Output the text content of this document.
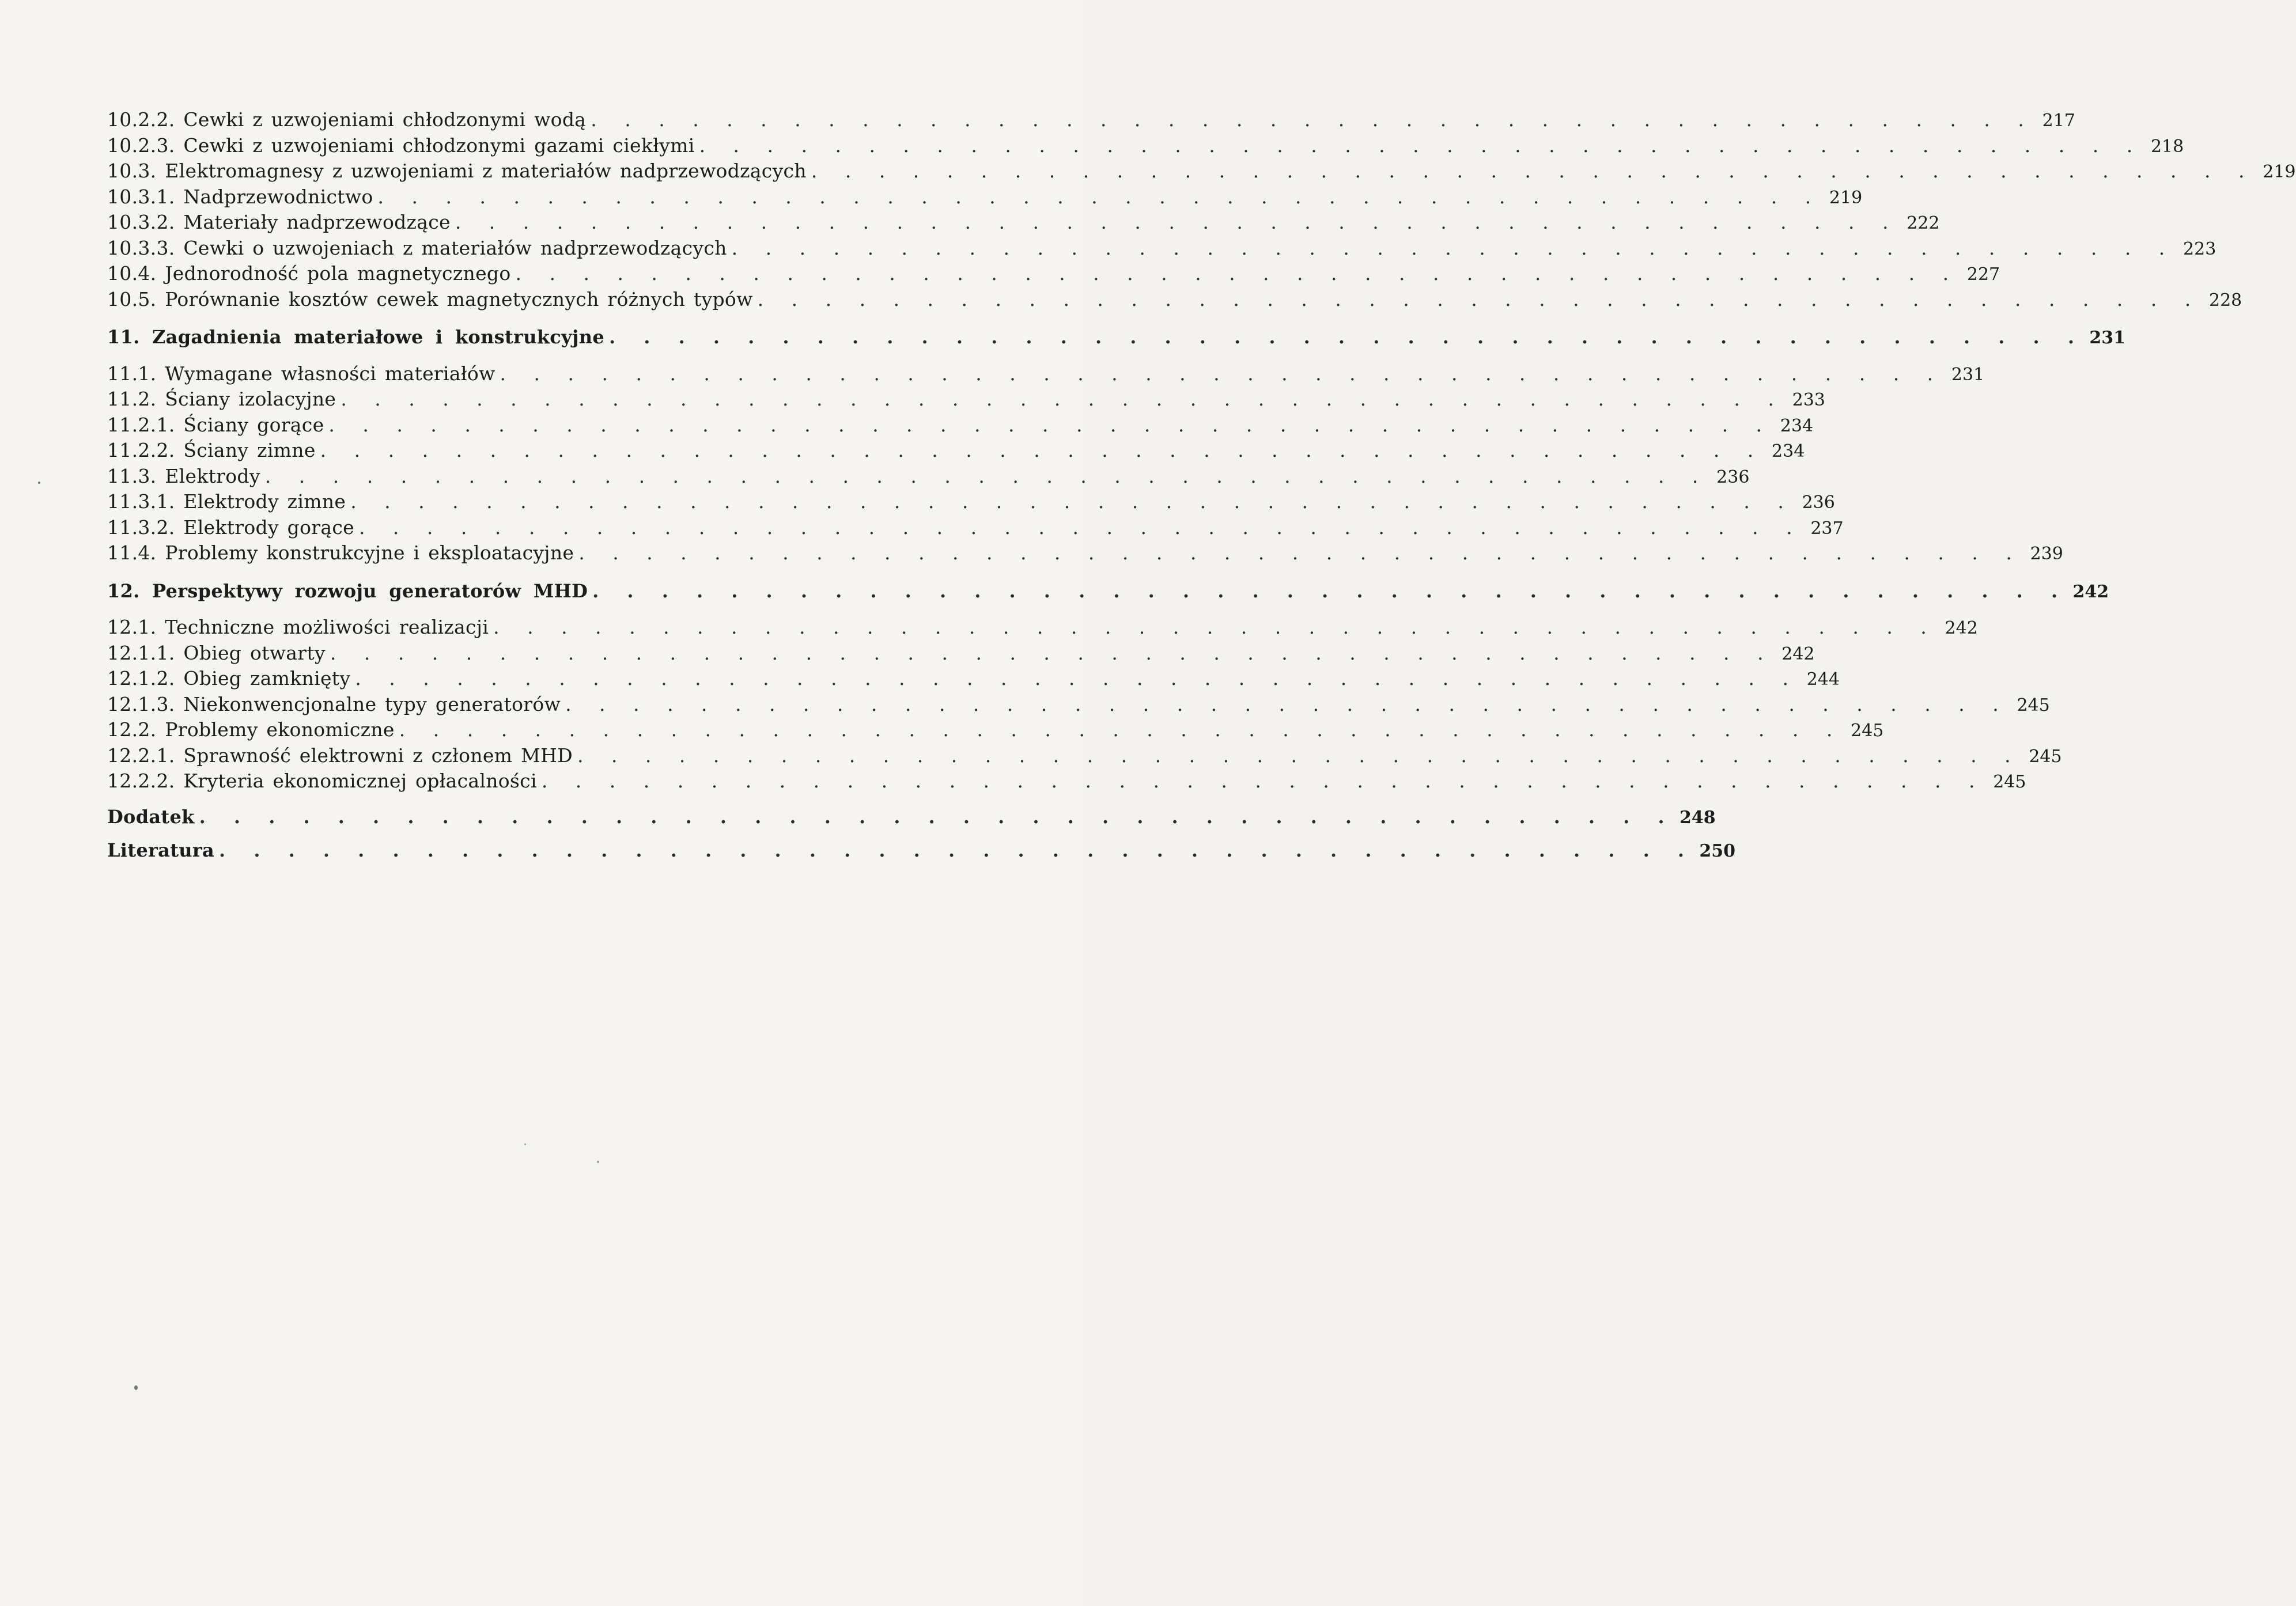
10.2.2. Cewki z uzwojeniami chłodzonymi wodą . . . . . . . . . . . . . . . . . . . . . . . . . . . . . . . . . . . . . . . . . . . 217
10.2.3. Cewki z uzwojeniami chłodzonymi gazami ciekłymi . . . . . . . . . . . . . . . . . . . . . . . . . . . . . . . . . . . . . . . . . . . 218
10.3. Elektromagnesy z uzwojeniami z materiałów nadprzewodzących . . . . . . . . . . . . . . . . . . . . . . . . . . . . . . . . . . . . . . . . . . . 219
10.3.1. Nadprzewodnictwo . . . . . . . . . . . . . . . . . . . . . . . . . . . . . . . . . . . . . . . . . . . 219
10.3.2. Materiały nadprzewodzące . . . . . . . . . . . . . . . . . . . . . . . . . . . . . . . . . . . . . . . . . . . 222
10.3.3. Cewki o uzwojeniach z materiałów nadprzewodzących . . . . . . . . . . . . . . . . . . . . . . . . . . . . . . . . . . . . . . . . . . . 223
10.4. Jednorodność pola magnetycznego . . . . . . . . . . . . . . . . . . . . . . . . . . . . . . . . . . . . . . . . . . . 227
10.5. Porównanie kosztów cewek magnetycznych różnych typów . . . . . . . . . . . . . . . . . . . . . . . . . . . . . . . . . . . . . . . . . . . 228
11. Zagadnienia materiałowe i konstrukcyjne . . . . . . . . . . . . . . . . . . . . . . . . . . . . . . . . . . . . . . . . . . . 231
11.1. Wymagane własności materiałów . . . . . . . . . . . . . . . . . . . . . . . . . . . . . . . . . . . . . . . . . . . 231
11.2. Ściany izolacyjne . . . . . . . . . . . . . . . . . . . . . . . . . . . . . . . . . . . . . . . . . . . 233
11.2.1. Ściany gorące . . . . . . . . . . . . . . . . . . . . . . . . . . . . . . . . . . . . . . . . . . . 234
11.2.2. Ściany zimne . . . . . . . . . . . . . . . . . . . . . . . . . . . . . . . . . . . . . . . . . . . 234
11.3. Elektrody . . . . . . . . . . . . . . . . . . . . . . . . . . . . . . . . . . . . . . . . . . . 236
11.3.1. Elektrody zimne . . . . . . . . . . . . . . . . . . . . . . . . . . . . . . . . . . . . . . . . . . . 236
11.3.2. Elektrody gorące . . . . . . . . . . . . . . . . . . . . . . . . . . . . . . . . . . . . . . . . . . . 237
11.4. Problemy konstrukcyjne i eksploatacyjne . . . . . . . . . . . . . . . . . . . . . . . . . . . . . . . . . . . . . . . . . . . 239
12. Perspektywy rozwoju generatorów MHD . . . . . . . . . . . . . . . . . . . . . . . . . . . . . . . . . . . . . . . . . . . 242
12.1. Techniczne możliwości realizacji . . . . . . . . . . . . . . . . . . . . . . . . . . . . . . . . . . . . . . . . . . . 242
12.1.1. Obieg otwarty . . . . . . . . . . . . . . . . . . . . . . . . . . . . . . . . . . . . . . . . . . . 242
12.1.2. Obieg zamknięty . . . . . . . . . . . . . . . . . . . . . . . . . . . . . . . . . . . . . . . . . . . 244
12.1.3. Niekonwencjonalne typy generatorów . . . . . . . . . . . . . . . . . . . . . . . . . . . . . . . . . . . . . . . . . . . 245
12.2. Problemy ekonomiczne . . . . . . . . . . . . . . . . . . . . . . . . . . . . . . . . . . . . . . . . . . . 245
12.2.1. Sprawność elektrowni z członem MHD . . . . . . . . . . . . . . . . . . . . . . . . . . . . . . . . . . . . . . . . . . . 245
12.2.2. Kryteria ekonomicznej opłacalności . . . . . . . . . . . . . . . . . . . . . . . . . . . . . . . . . . . . . . . . . . . 245
Dodatek . . . . . . . . . . . . . . . . . . . . . . . . . . . . . . . . . . . . . . . . . . . 248
Literatura . . . . . . . . . . . . . . . . . . . . . . . . . . . . . . . . . . . . . . . . . . . 250
